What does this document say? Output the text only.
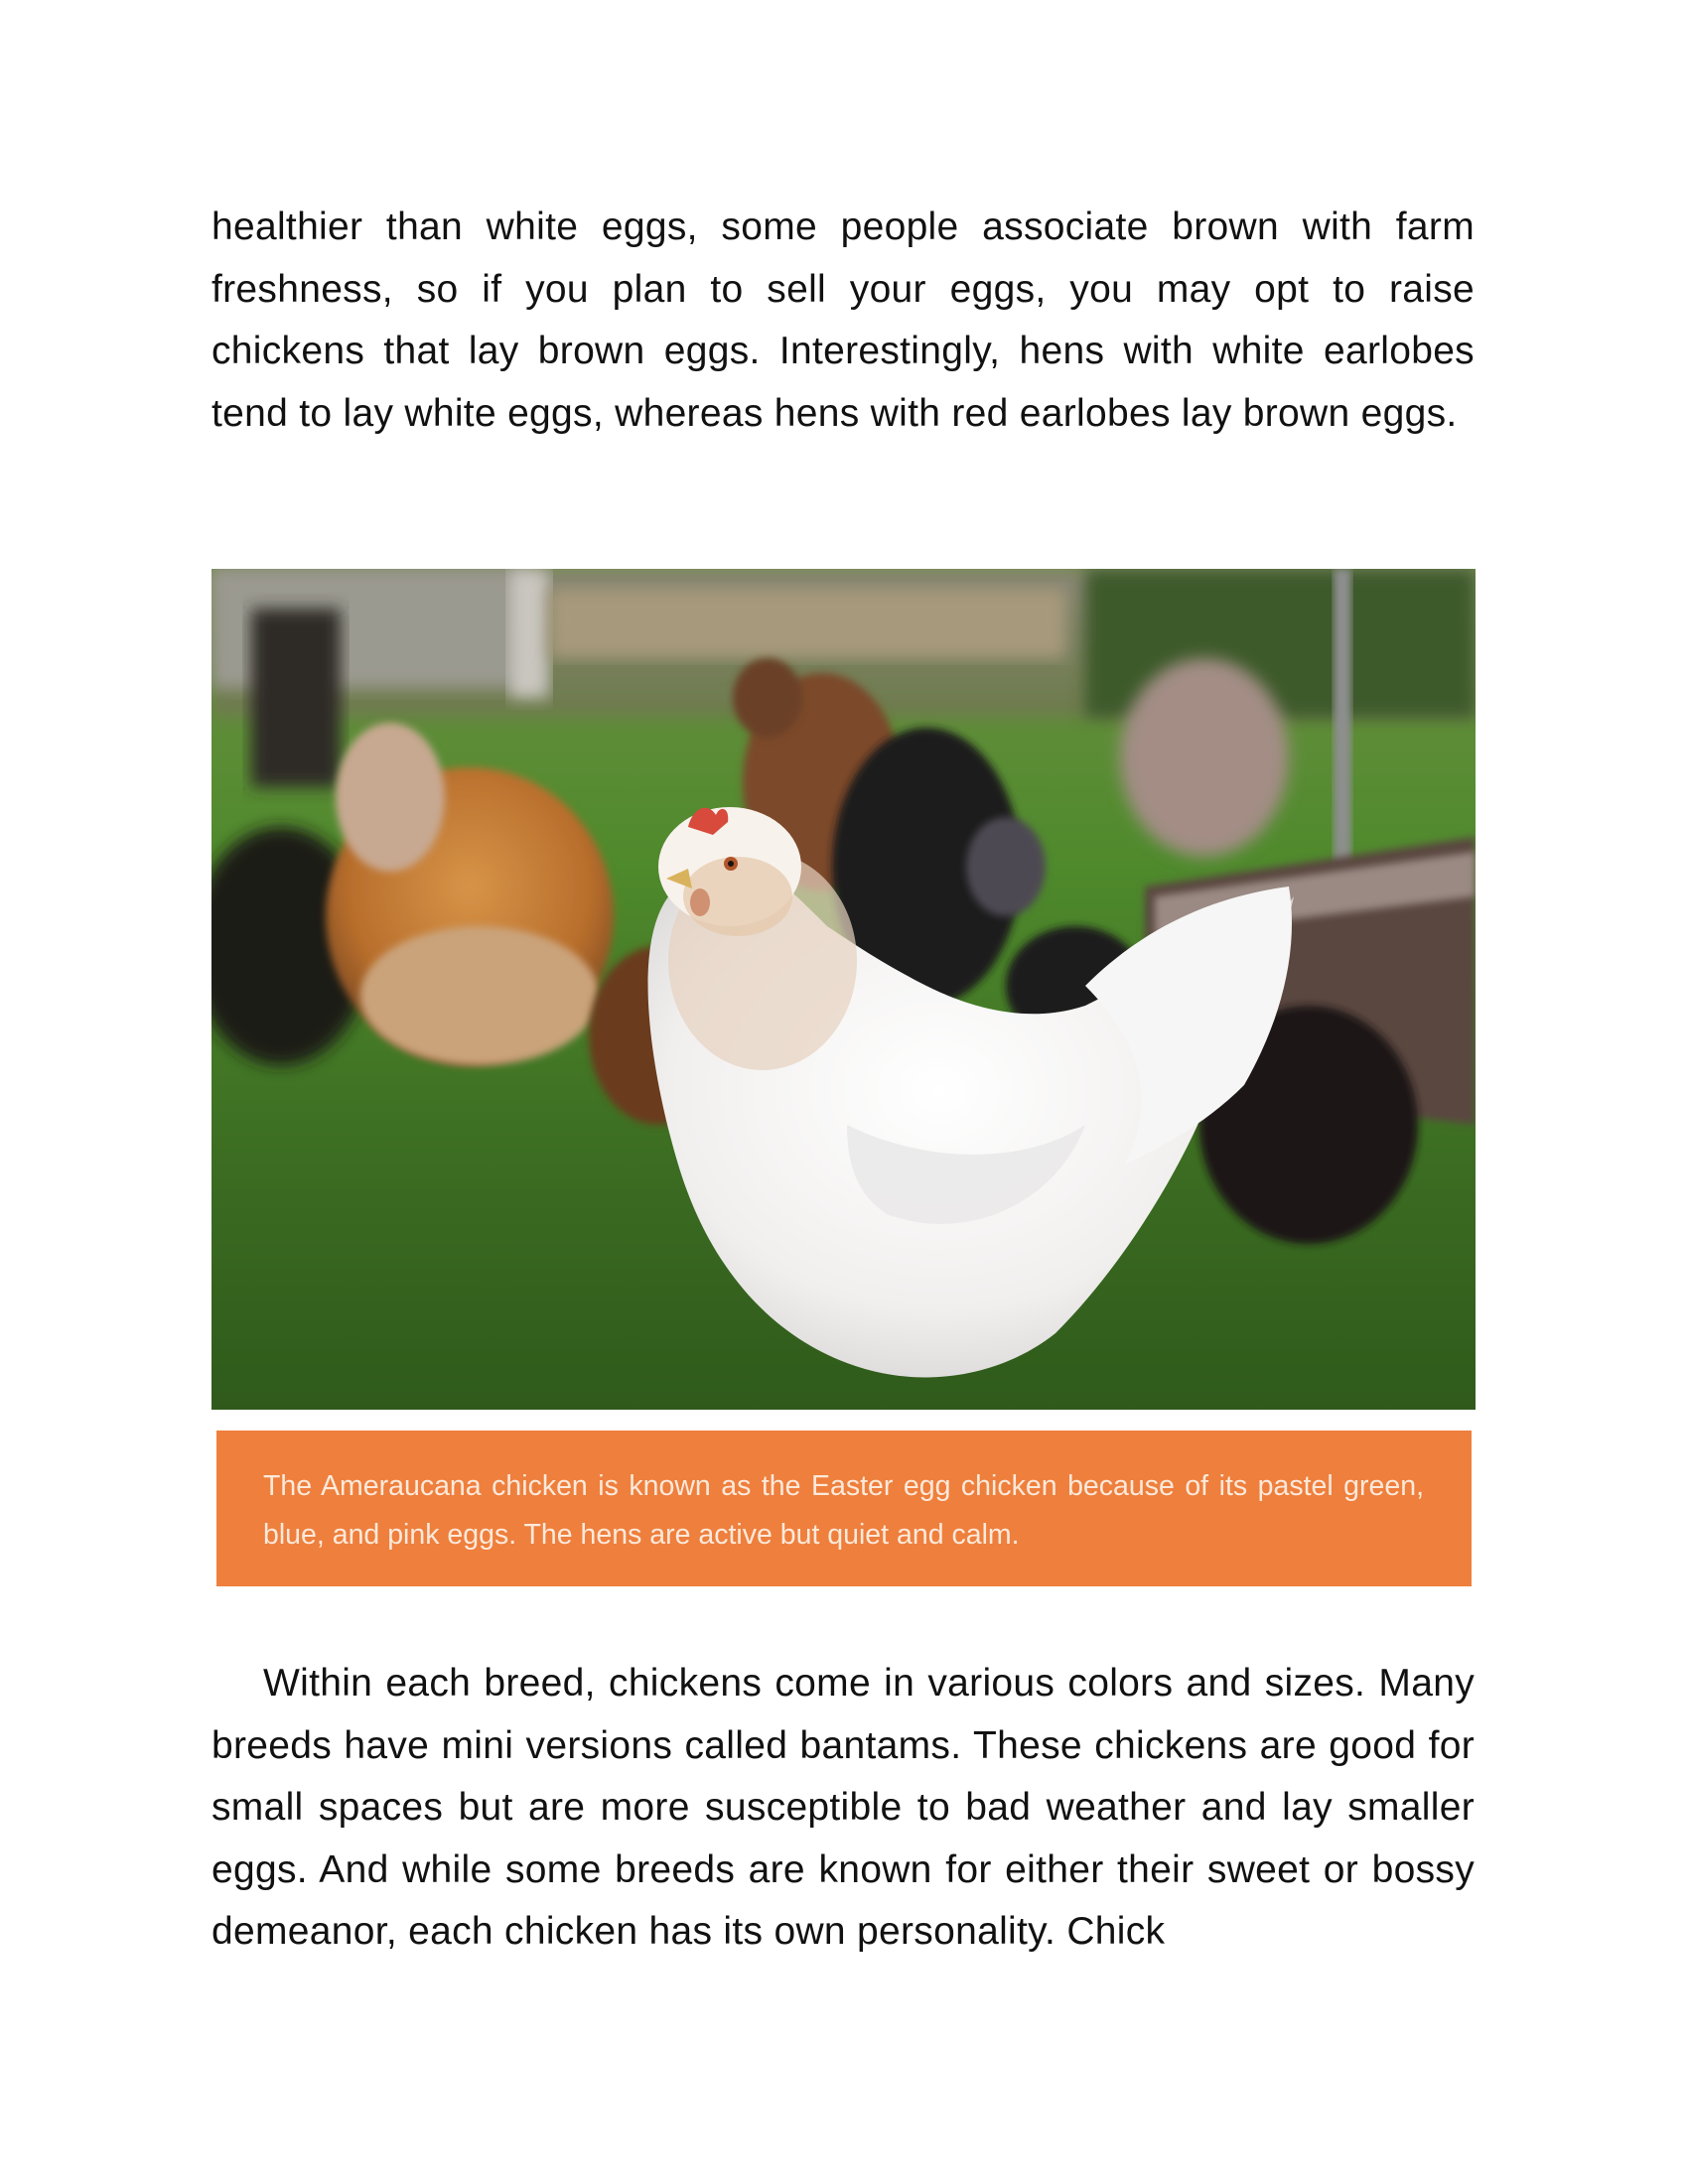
healthier than white eggs, some people associate brown with farm freshness, so if you plan to sell your eggs, you may opt to raise chickens that lay brown eggs. Interestingly, hens with white earlobes tend to lay white eggs, whereas hens with red earlobes lay brown eggs.

The Ameraucana chicken is known as the Easter egg chicken because of its pastel green, blue, and pink eggs. The hens are active but quiet and calm.

Within each breed, chickens come in various colors and sizes. Many breeds have mini versions called bantams. These chickens are good for small spaces but are more susceptible to bad weather and lay smaller eggs. And while some breeds are known for either their sweet or bossy demeanor, each chicken has its own personality. Chick
